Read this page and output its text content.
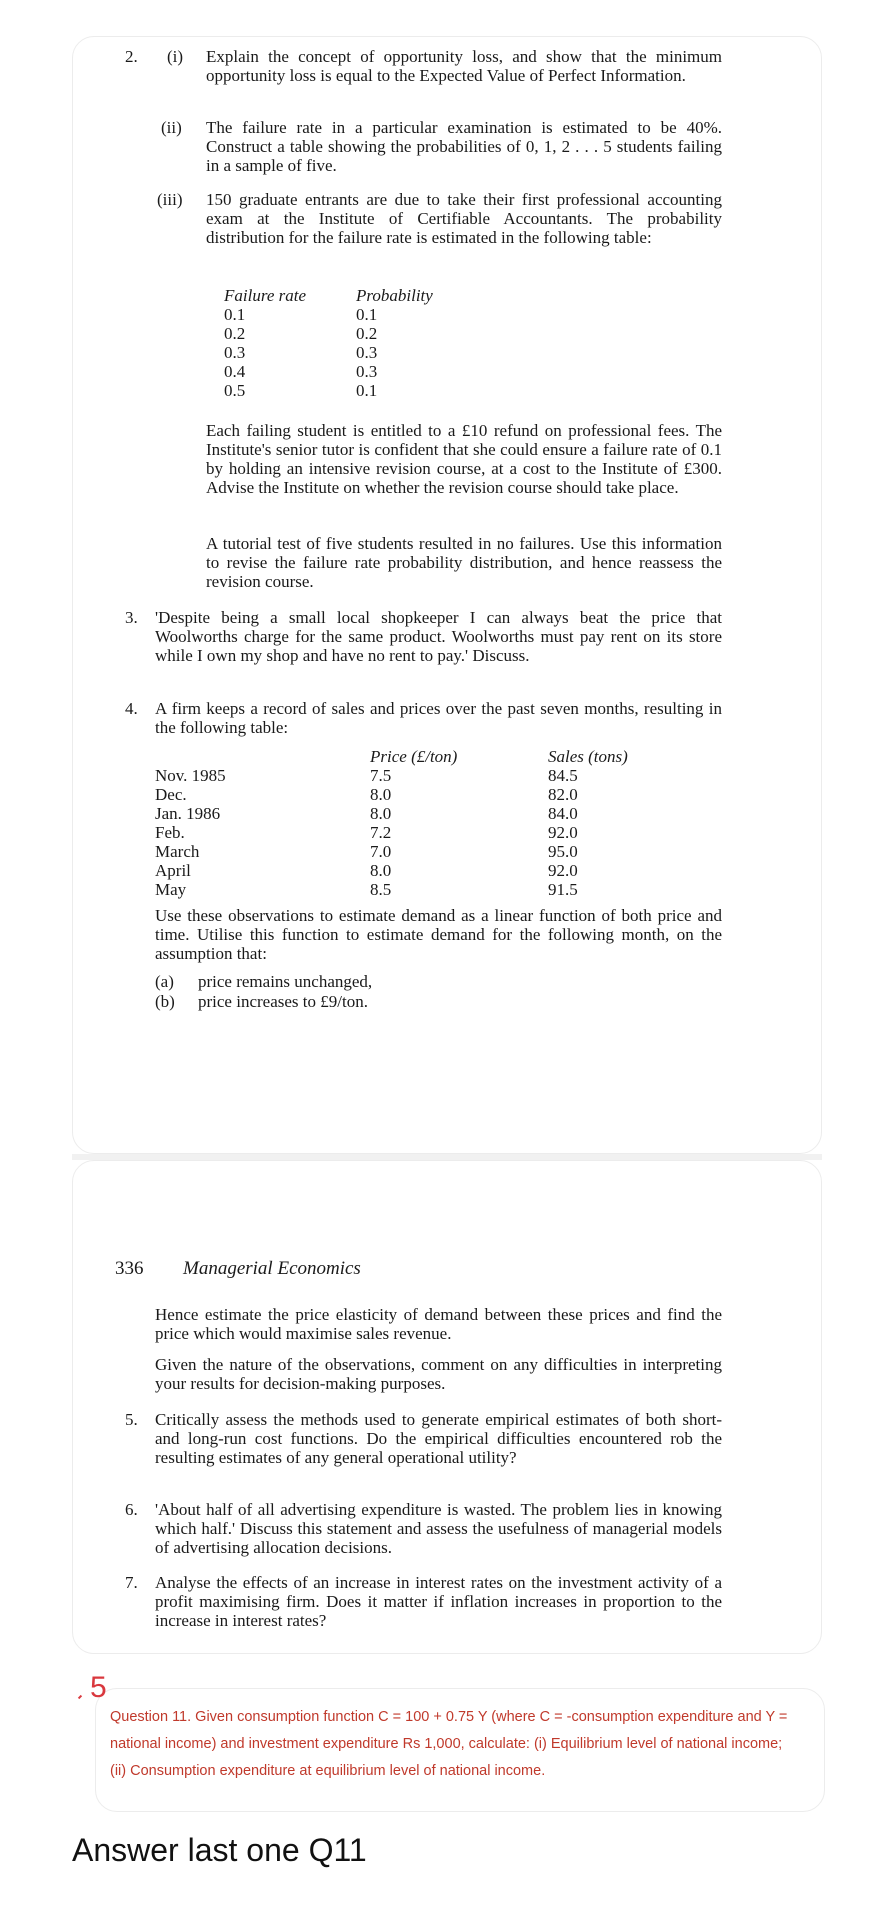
2. (i) Explain the concept of opportunity loss, and show that the minimum opportunity loss is equal to the Expected Value of Perfect Information.
(ii) The failure rate in a particular examination is estimated to be 40%. Construct a table showing the probabilities of 0, 1, 2 . . . 5 students failing in a sample of five.
(iii) 150 graduate entrants are due to take their first professional accounting exam at the Institute of Certifiable Accountants. The probability distribution for the failure rate is estimated in the following table:
Failure rate
0.1
0.2
0.3
0.4
0.5
Probability
0.1
0.2
0.3
0.3
0.1
Each failing student is entitled to a £10 refund on professional fees. The Institute's senior tutor is confident that she could ensure a failure rate of 0.1 by holding an intensive revision course, at a cost to the Institute of £300. Advise the Institute on whether the revision course should take place.
A tutorial test of five students resulted in no failures. Use this information to revise the failure rate probability distribution, and hence reassess the revision course.
3. 'Despite being a small local shopkeeper I can always beat the price that Woolworths charge for the same product. Woolworths must pay rent on its store while I own my shop and have no rent to pay.' Discuss.
4. A firm keeps a record of sales and prices over the past seven months, resulting in the following table:
Nov. 1985
Dec.
Jan. 1986
Feb.
March
April
May
Price (£/ton)
7.5
8.0
8.0
7.2
7.0
8.0
8.5
Sales (tons)
84.5
82.0
84.0
92.0
95.0
92.0
91.5
Use these observations to estimate demand as a linear function of both price and time. Utilise this function to estimate demand for the following month, on the assumption that:
(a) price remains unchanged,
(b) price increases to £9/ton.
336 Managerial Economics
Hence estimate the price elasticity of demand between these prices and find the price which would maximise sales revenue.
Given the nature of the observations, comment on any difficulties in interpreting your results for decision-making purposes.
5. Critically assess the methods used to generate empirical estimates of both short- and long-run cost functions. Do the empirical difficulties encountered rob the resulting estimates of any general operational utility?
6. 'About half of all advertising expenditure is wasted. The problem lies in knowing which half.' Discuss this statement and assess the usefulness of managerial models of advertising allocation decisions.
7. Analyse the effects of an increase in interest rates on the investment activity of a profit maximising firm. Does it matter if inflation increases in proportion to the increase in interest rates?
5
Question 11. Given consumption function C = 100 + 0.75 Y (where C = -consumption expenditure and Y = national income) and investment expenditure Rs 1,000, calculate: (i) Equilibrium level of national income; (ii) Consumption expenditure at equilibrium level of national income.
Answer last one Q11
